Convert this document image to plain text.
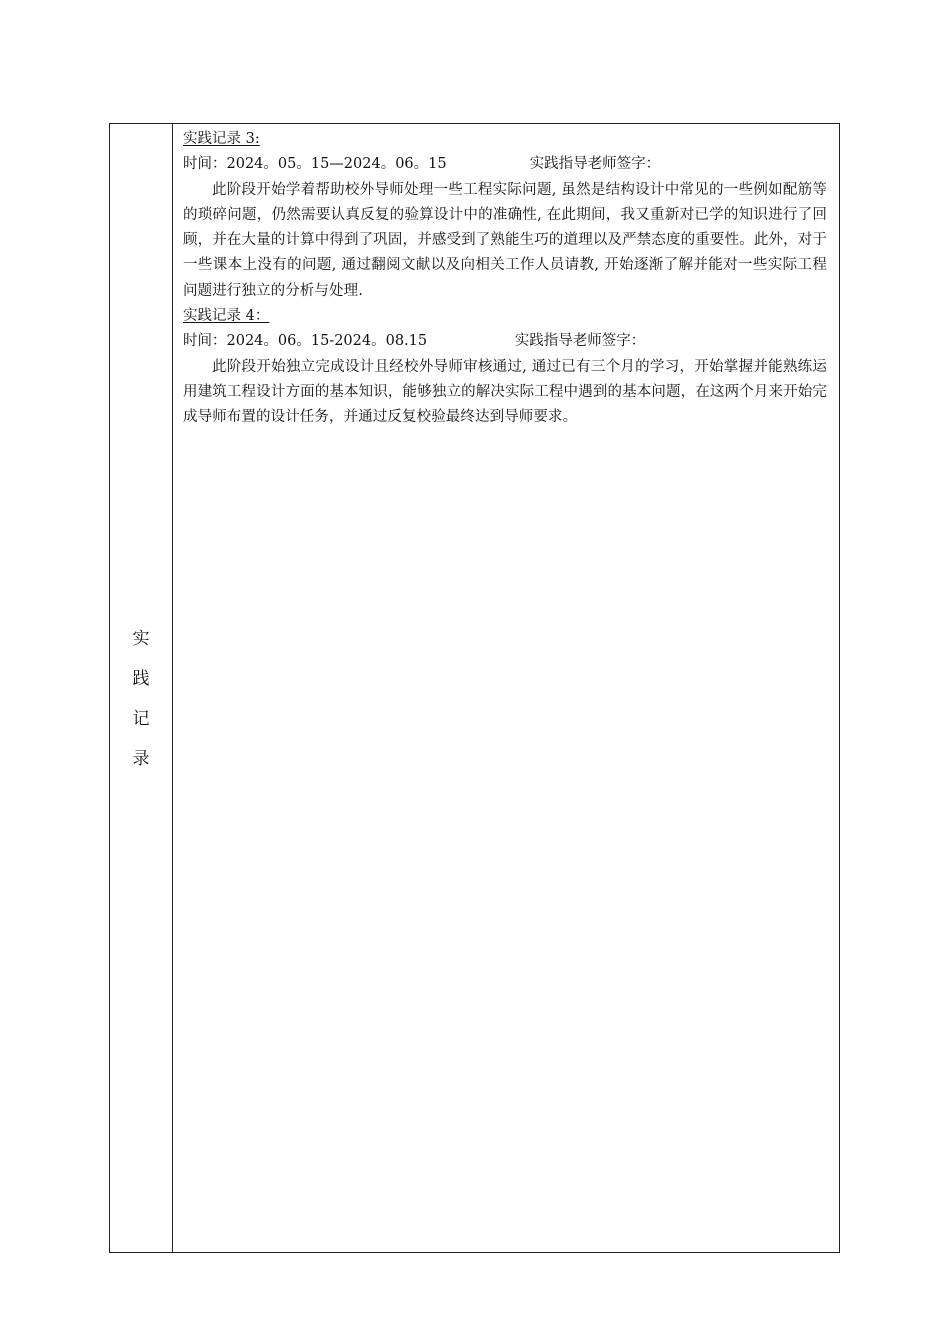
实
践
记
录

实践记录 3:

时间：2024。05。15—2024。06。15	实践指导老师签字：

此阶段开始学着帮助校外导师处理一些工程实际问题, 虽然是结构设计中常见的一些例如配筋等的琐碎问题，仍然需要认真反复的验算设计中的准确性, 在此期间，我又重新对已学的知识进行了回顾，并在大量的计算中得到了巩固，并感受到了熟能生巧的道理以及严禁态度的重要性。此外，对于一些课本上没有的问题, 通过翻阅文献以及向相关工作人员请教, 开始逐渐了解并能对一些实际工程问题进行独立的分析与处理.

实践记录 4：

时间：2024。06。15-2024。08.15	实践指导老师签字：

此阶段开始独立完成设计且经校外导师审核通过, 通过已有三个月的学习，开始掌握并能熟练运用建筑工程设计方面的基本知识，能够独立的解决实际工程中遇到的基本问题，在这两个月来开始完成导师布置的设计任务，并通过反复校验最终达到导师要求。
